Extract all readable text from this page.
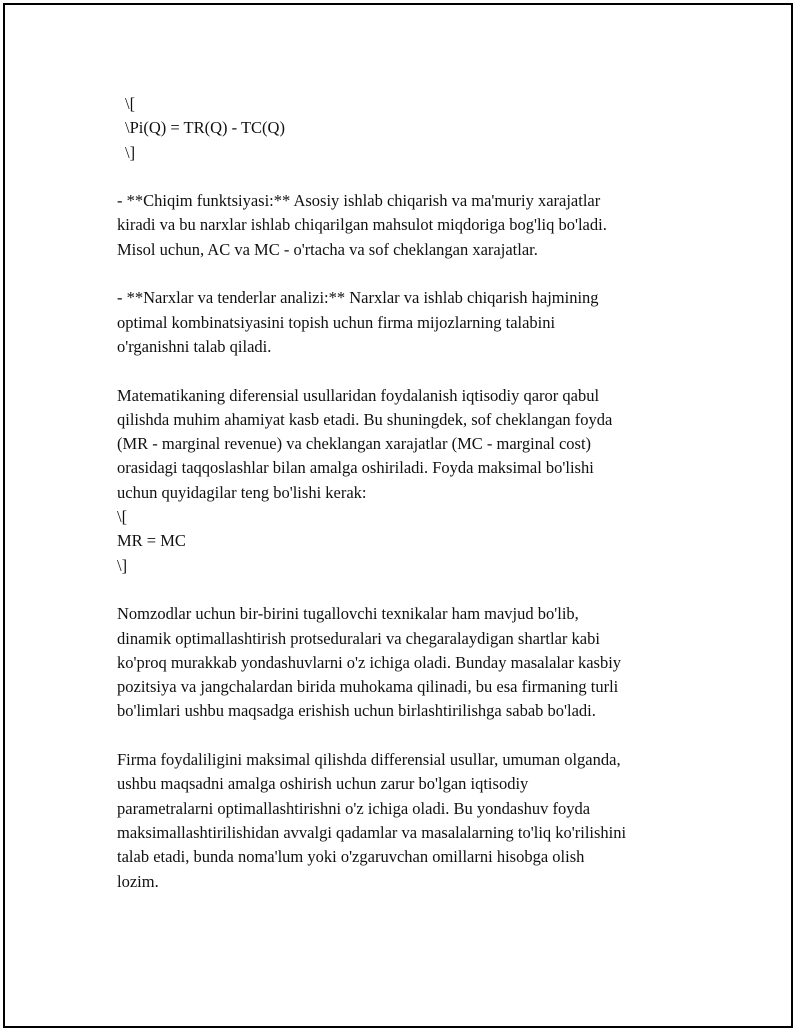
\[
\Pi(Q) = TR(Q) - TC(Q)
\]
- **Chiqim funktsiyasi:** Asosiy ishlab chiqarish va ma'muriy xarajatlar
kiradi va bu narxlar ishlab chiqarilgan mahsulot miqdoriga bog'liq bo'ladi.
Misol uchun, AC va MC - o'rtacha va sof cheklangan xarajatlar.
- **Narxlar va tenderlar analizi:** Narxlar va ishlab chiqarish hajmining
optimal kombinatsiyasini topish uchun firma mijozlarning talabini
o'rganishni talab qiladi.
Matematikaning diferensial usullaridan foydalanish iqtisodiy qaror qabul
qilishda muhim ahamiyat kasb etadi. Bu shuningdek, sof cheklangan foyda
(MR - marginal revenue) va cheklangan xarajatlar (MC - marginal cost)
orasidagi taqqoslashlar bilan amalga oshiriladi. Foyda maksimal bo'lishi
uchun quyidagilar teng bo'lishi kerak:
\[
MR = MC
\]
Nomzodlar uchun bir-birini tugallovchi texnikalar ham mavjud bo'lib,
dinamik optimallashtirish protseduralari va chegaralaydigan shartlar kabi
ko'proq murakkab yondashuvlarni o'z ichiga oladi. Bunday masalalar kasbiy
pozitsiya va jangchalardan birida muhokama qilinadi, bu esa firmaning turli
bo'limlari ushbu maqsadga erishish uchun birlashtirilishga sabab bo'ladi.
Firma foydaliligini maksimal qilishda differensial usullar, umuman olganda,
ushbu maqsadni amalga oshirish uchun zarur bo'lgan iqtisodiy
parametralarni optimallashtirishni o'z ichiga oladi. Bu yondashuv foyda
maksimallashtirilishidan avvalgi qadamlar va masalalarning to'liq ko'rilishini
talab etadi, bunda noma'lum yoki o'zgaruvchan omillarni hisobga olish
lozim.
